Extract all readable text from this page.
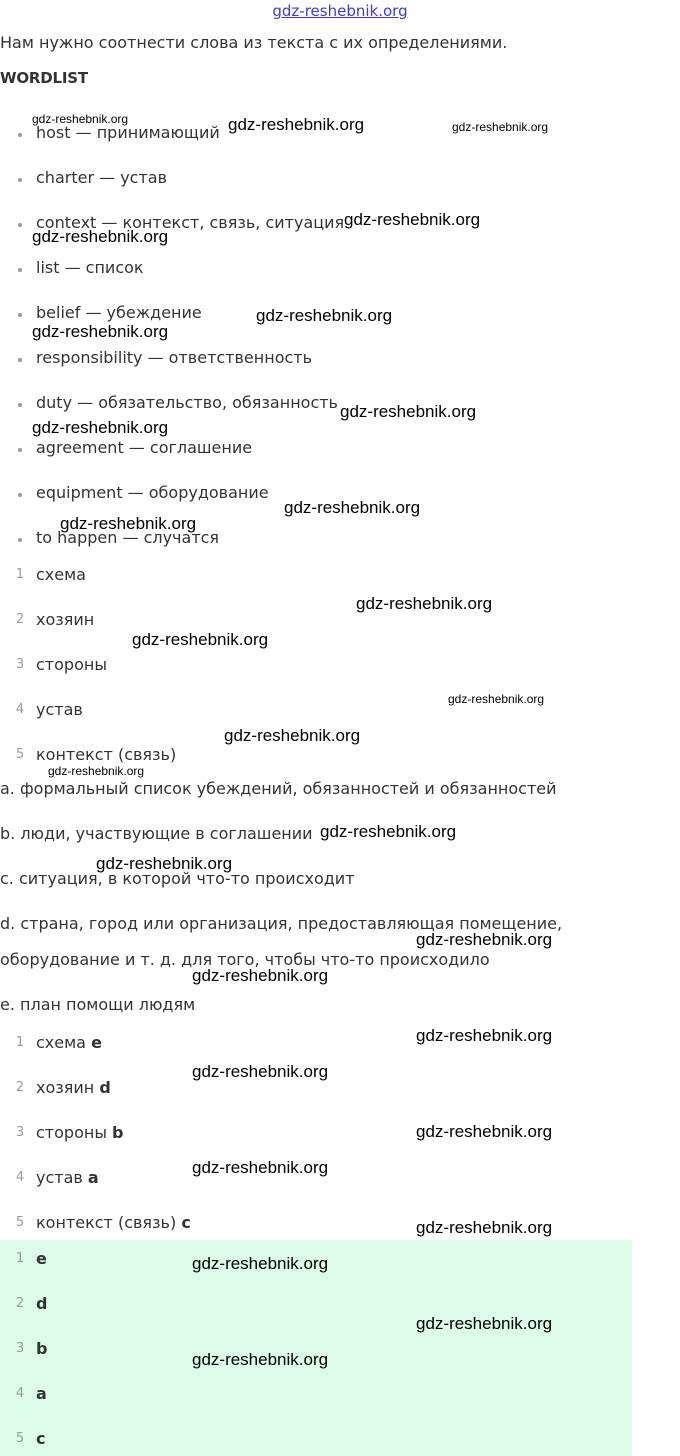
gdz-reshebnik.org
Нам нужно соотнести слова из текста с их определениями.
WORDLIST
host — принимающий
charter — устав
context — контекст, связь, ситуация
list — список
belief — убеждение
responsibility — ответственность
duty — обязательство, обязанность
agreement — соглашение
equipment — оборудование
to happen — случатся
1 схема
2 хозяин
3 стороны
4 устав
5 контекст (связь)

a. формальный список убеждений, обязанностей и обязанностей

b. люди, участвующие в соглашении

c. ситуация, в которой что-то происходит

d. страна, город или организация, предоставляющая помещение,

оборудование и т. д. для того, чтобы что-то происходило

e. план помощи людям

1 схема e
2 хозяин d
3 стороны b
4 устав a
5 контекст (связь) c
1 e
2 d
3 b
4 a
5 c
gdz-reshebnik.org	gdz-reshebnik.org	gdz-reshebnik.org
gdz-reshebnik.org
gdz-reshebnik.org
gdz-reshebnik.org
gdz-reshebnik.org
gdz-reshebnik.org
gdz-reshebnik.org
gdz-reshebnik.org
gdz-reshebnik.org
gdz-reshebnik.org
gdz-reshebnik.org
gdz-reshebnik.org
gdz-reshebnik.org
gdz-reshebnik.org
gdz-reshebnik.org
gdz-reshebnik.org
gdz-reshebnik.org
gdz-reshebnik.org
gdz-reshebnik.org
gdz-reshebnik.org
gdz-reshebnik.org
gdz-reshebnik.org
gdz-reshebnik.org
gdz-reshebnik.org
gdz-reshebnik.org
gdz-reshebnik.org
